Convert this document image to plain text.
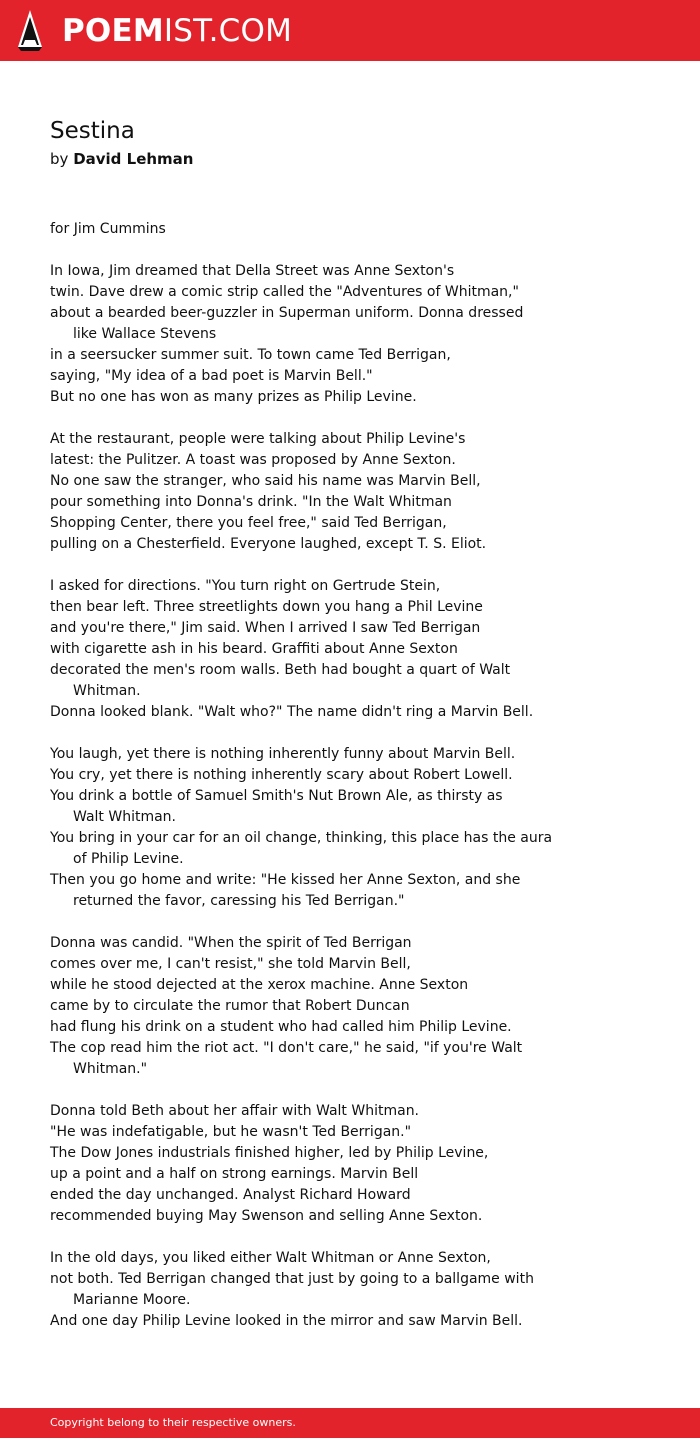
POEMIST.COM
Sestina
by David Lehman
for Jim Cummins
In Iowa, Jim dreamed that Della Street was Anne Sexton's
twin. Dave drew a comic strip called the "Adventures of Whitman,"
about a bearded beer-guzzler in Superman uniform. Donna dressed
like Wallace Stevens
in a seersucker summer suit. To town came Ted Berrigan,
saying, "My idea of a bad poet is Marvin Bell."
But no one has won as many prizes as Philip Levine.
At the restaurant, people were talking about Philip Levine's
latest: the Pulitzer. A toast was proposed by Anne Sexton.
No one saw the stranger, who said his name was Marvin Bell,
pour something into Donna's drink. "In the Walt Whitman
Shopping Center, there you feel free," said Ted Berrigan,
pulling on a Chesterfield. Everyone laughed, except T. S. Eliot.
I asked for directions. "You turn right on Gertrude Stein,
then bear left. Three streetlights down you hang a Phil Levine
and you're there," Jim said. When I arrived I saw Ted Berrigan
with cigarette ash in his beard. Graffiti about Anne Sexton
decorated the men's room walls. Beth had bought a quart of Walt
Whitman.
Donna looked blank. "Walt who?" The name didn't ring a Marvin Bell.
You laugh, yet there is nothing inherently funny about Marvin Bell.
You cry, yet there is nothing inherently scary about Robert Lowell.
You drink a bottle of Samuel Smith's Nut Brown Ale, as thirsty as
Walt Whitman.
You bring in your car for an oil change, thinking, this place has the aura
of Philip Levine.
Then you go home and write: "He kissed her Anne Sexton, and she
returned the favor, caressing his Ted Berrigan."
Donna was candid. "When the spirit of Ted Berrigan
comes over me, I can't resist," she told Marvin Bell,
while he stood dejected at the xerox machine. Anne Sexton
came by to circulate the rumor that Robert Duncan
had flung his drink on a student who had called him Philip Levine.
The cop read him the riot act. "I don't care," he said, "if you're Walt
Whitman."
Donna told Beth about her affair with Walt Whitman.
"He was indefatigable, but he wasn't Ted Berrigan."
The Dow Jones industrials finished higher, led by Philip Levine,
up a point and a half on strong earnings. Marvin Bell
ended the day unchanged. Analyst Richard Howard
recommended buying May Swenson and selling Anne Sexton.
In the old days, you liked either Walt Whitman or Anne Sexton,
not both. Ted Berrigan changed that just by going to a ballgame with
Marianne Moore.
And one day Philip Levine looked in the mirror and saw Marvin Bell.
Copyright belong to their respective owners.
